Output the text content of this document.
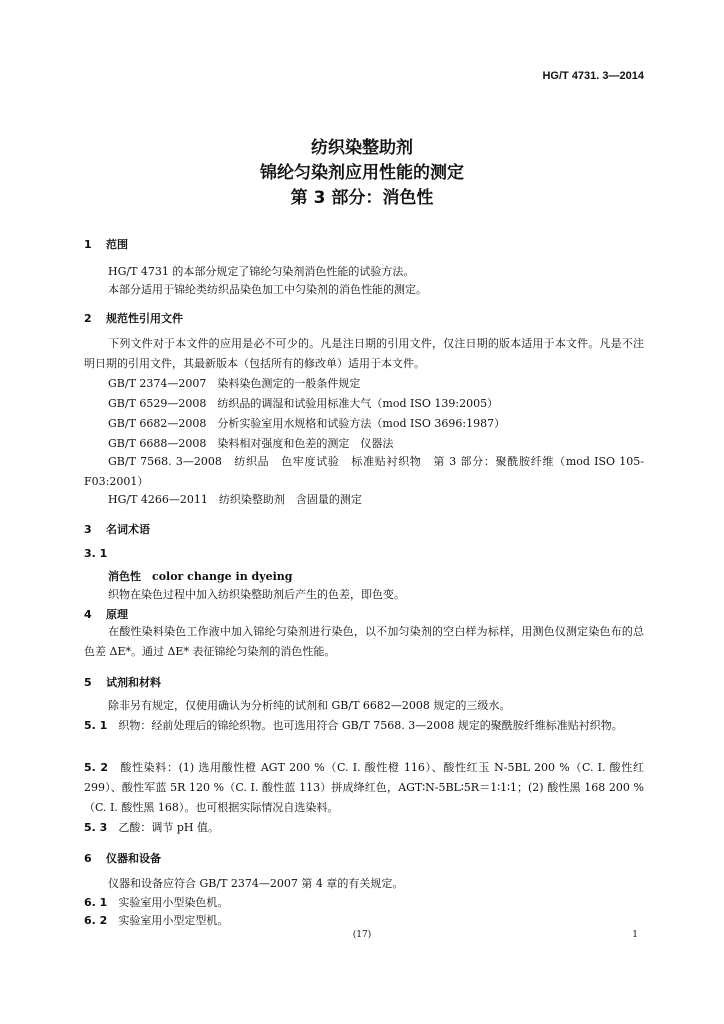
HG/T 4731. 3—2014
纺织染整助剂
锦纶匀染剂应用性能的测定
第 3 部分：消色性
1 范围
HG/T 4731 的本部分规定了锦纶匀染剂消色性能的试验方法。
本部分适用于锦纶类纺织品染色加工中匀染剂的消色性能的测定。
2 规范性引用文件
下列文件对于本文件的应用是必不可少的。凡是注日期的引用文件，仅注日期的版本适用于本文件。凡是不注明日期的引用文件，其最新版本（包括所有的修改单）适用于本文件。
GB/T 2374—2007　染料染色测定的一般条件规定
GB/T 6529—2008　纺织品的调湿和试验用标准大气（mod ISO 139:2005）
GB/T 6682—2008　分析实验室用水规格和试验方法（mod ISO 3696:1987）
GB/T 6688—2008　染料相对强度和色差的测定　仪器法
GB/T 7568. 3—2008　纺织品　色牢度试验　标准贴衬织物　第 3 部分：聚酰胺纤维（mod ISO 105-F03:2001）
HG/T 4266—2011　纺织染整助剂　含固量的测定
3 名词术语
3. 1
消色性　color change in dyeing
织物在染色过程中加入纺织染整助剂后产生的色差，即色变。
4 原理
在酸性染料染色工作液中加入锦纶匀染剂进行染色，以不加匀染剂的空白样为标样，用测色仪测定染色布的总色差 ΔE*。通过 ΔE* 表征锦纶匀染剂的消色性能。
5 试剂和材料
除非另有规定，仅使用确认为分析纯的试剂和 GB/T 6682—2008 规定的三级水。
5. 1　 织物：经前处理后的锦纶织物。也可选用符合 GB/T 7568. 3—2008 规定的聚酰胺纤维标准贴衬织物。
5. 2　 酸性染料：(1) 选用酸性橙 AGT 200 %（C. I. 酸性橙 116）、酸性红玉 N-5BL 200 %（C. I. 酸性红 299）、酸性军蓝 5R 120 %（C. I. 酸性蓝 113）拼成绛红色，AGT∶N-5BL∶5R＝1∶1∶1；(2) 酸性黑 168 200 %（C. I. 酸性黑 168）。也可根据实际情况自选染料。
5. 3　 乙酸：调节 pH 值。
6 仪器和设备
仪器和设备应符合 GB/T 2374—2007 第 4 章的有关规定。
6. 1　 实验室用小型染色机。
6. 2　 实验室用小型定型机。
(17)	1
